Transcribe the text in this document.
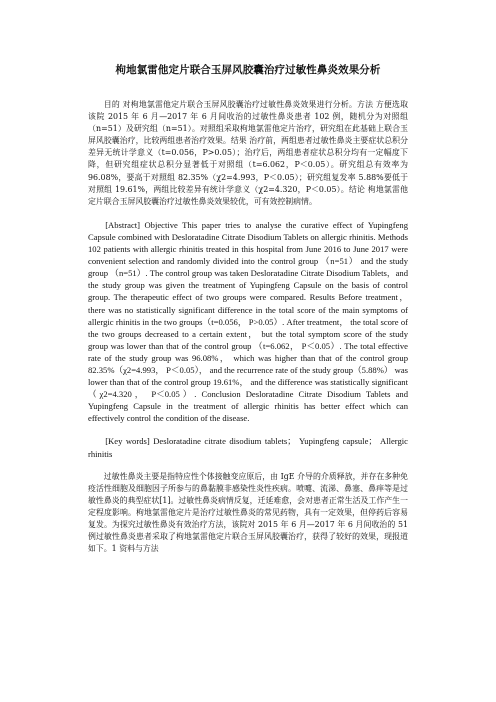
枸地氯雷他定片联合玉屏风胶囊治疗过敏性鼻炎效果分析

目的 对枸地氯雷他定片联合玉屏风胶囊治疗过敏性鼻炎效果进行分析。方法 方便选取该院 2015 年 6 月—2017 年 6 月间收治的过敏性鼻炎患者 102 例，随机分为对照组（n=51）及研究组（n=51）。对照组采取枸地氯雷他定片治疗，研究组在此基础上联合玉屏风胶囊治疗，比较两组患者治疗效果。结果 治疗前，两组患者过敏性鼻炎主要症状总积分差异无统计学意义（t=0.056，P>0.05）；治疗后，两组患者症状总积分均有一定幅度下降，但研究组症状总积分显著低于对照组（t=6.062，P＜0.05）。研究组总有效率为 96.08%，要高于对照组 82.35%（χ2=4.993，P＜0.05）；研究组复发率 5.88%要低于对照组 19.61%，两组比较差异有统计学意义（χ2=4.320，P＜0.05）。结论 枸地氯雷他定片联合玉屏风胶囊治疗过敏性鼻炎效果较优，可有效控制病情。

[Abstract] Objective This paper tries to analyse the curative effect of Yupingfeng Capsule combined with Desloratadine Citrate Disodium Tablets on allergic rhinitis. Methods 102 patients with allergic rhinitis treated in this hospital from June 2016 to June 2017 were convenient selection and randomly divided into the control group （n=51） and the study group （n=51）. The control group was taken Desloratadine Citrate Disodium Tablets，and the study group was given the treatment of Yupingfeng Capsule on the basis of control group. The therapeutic effect of two groups were compared. Results Before treatment， there was no statistically significant difference in the total score of the main symptoms of allergic rhinitis in the two groups（t=0.056， P>0.05）. After treatment， the total score of the two groups decreased to a certain extent， but the total symptom score of the study group was lower than that of the control group （t=6.062， P＜0.05）. The total effective rate of the study group was 96.08%， which was higher than that of the control group 82.35%（χ2=4.993， P＜0.05）， and the recurrence rate of the study group（5.88%） was lower than that of the control group 19.61%， and the difference was statistically significant （χ2=4.320， P＜0.05）. Conclusion Desloratadine Citrate Disodium Tablets and Yupingfeng Capsule in the treatment of allergic rhinitis has better effect which can effectively control the condition of the disease.

[Key words] Desloratadine citrate disodium tablets； Yupingfeng capsule； Allergic rhinitis

过敏性鼻炎主要是指特应性个体接触变应原后，由 IgE 介导的介质释放，并存在多种免疫活性细胞及细胞因子所参与的鼻黏膜非感染性炎性疾病。喷嚏、流涕、鼻塞、鼻痒等是过敏性鼻炎的典型症状[1]。过敏性鼻炎病情反复，迁延难愈，会对患者正常生活及工作产生一定程度影响。枸地氯雷他定片是治疗过敏性鼻炎的常见药物，具有一定效果，但停药后容易复发。为探究过敏性鼻炎有效治疗方法，该院对 2015 年 6 月—2017 年 6 月间收治的 51 例过敏性鼻炎患者采取了枸地氯雷他定片联合玉屏风胶囊治疗，获得了较好的效果，现报道如下。1 资料与方法
